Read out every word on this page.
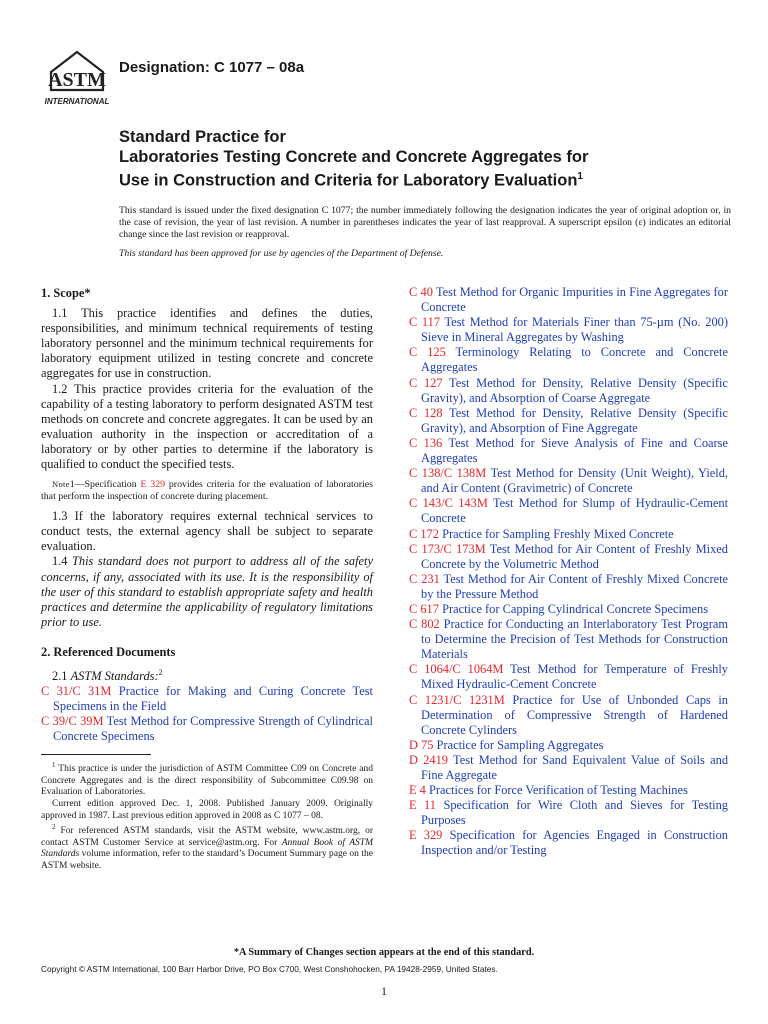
ASTM
INTERNATIONAL
Designation: C 1077 – 08a
Standard Practice for
Laboratories Testing Concrete and Concrete Aggregates for
Use in Construction and Criteria for Laboratory Evaluation$^1$
This standard is issued under the fixed designation C 1077; the number immediately following the designation indicates the year of original adoption or, in the case of revision, the year of last revision. A number in parentheses indicates the year of last reapproval. A superscript epsilon (ε) indicates an editorial change since the last revision or reapproval.
This standard has been approved for use by agencies of the Department of Defense.
1. Scope*

1.1 This practice identifies and defines the duties, responsibilities, and minimum technical requirements of testing laboratory personnel and the minimum technical requirements for laboratory equipment utilized in testing concrete and concrete aggregates for use in construction.

1.2 This practice provides criteria for the evaluation of the capability of a testing laboratory to perform designated ASTM test methods on concrete and concrete aggregates. It can be used by an evaluation authority in the inspection or accreditation of a laboratory or by other parties to determine if the laboratory is qualified to conduct the specified tests.

Note1—Specification E 329 provides criteria for the evaluation of laboratories that perform the inspection of concrete during placement.

1.3 If the laboratory requires external technical services to conduct tests, the external agency shall be subject to separate evaluation.

1.4 This standard does not purport to address all of the safety concerns, if any, associated with its use. It is the responsibility of the user of this standard to establish appropriate safety and health practices and determine the applicability of regulatory limitations prior to use.

2. Referenced Documents

2.1 ASTM Standards:$^2$

C 31/C 31M Practice for Making and Curing Concrete Test Specimens in the Field

C 39/C 39M Test Method for Compressive Strength of Cylindrical Concrete Specimens

C 40 Test Method for Organic Impurities in Fine Aggregates for Concrete

C 117 Test Method for Materials Finer than 75-µm (No. 200) Sieve in Mineral Aggregates by Washing

C 125 Terminology Relating to Concrete and Concrete Aggregates

C 127 Test Method for Density, Relative Density (Specific Gravity), and Absorption of Coarse Aggregate

C 128 Test Method for Density, Relative Density (Specific Gravity), and Absorption of Fine Aggregate

C 136 Test Method for Sieve Analysis of Fine and Coarse Aggregates

C 138/C 138M Test Method for Density (Unit Weight), Yield, and Air Content (Gravimetric) of Concrete

C 143/C 143M Test Method for Slump of Hydraulic-Cement Concrete

C 172 Practice for Sampling Freshly Mixed Concrete

C 173/C 173M Test Method for Air Content of Freshly Mixed Concrete by the Volumetric Method

C 231 Test Method for Air Content of Freshly Mixed Concrete by the Pressure Method

C 617 Practice for Capping Cylindrical Concrete Specimens

C 802 Practice for Conducting an Interlaboratory Test Program to Determine the Precision of Test Methods for Construction Materials

C 1064/C 1064M Test Method for Temperature of Freshly Mixed Hydraulic-Cement Concrete

C 1231/C 1231M Practice for Use of Unbonded Caps in Determination of Compressive Strength of Hardened Concrete Cylinders

D 75 Practice for Sampling Aggregates

D 2419 Test Method for Sand Equivalent Value of Soils and Fine Aggregate

E 4 Practices for Force Verification of Testing Machines

E 11 Specification for Wire Cloth and Sieves for Testing Purposes

E 329 Specification for Agencies Engaged in Construction Inspection and/or Testing

$^1$ This practice is under the jurisdiction of ASTM Committee C09 on Concrete and Concrete Aggregates and is the direct responsibility of Subcommittee C09.98 on Evaluation of Laboratories.

Current edition approved Dec. 1, 2008. Published January 2009. Originally approved in 1987. Last previous edition approved in 2008 as C 1077 – 08.

$^2$ For referenced ASTM standards, visit the ASTM website, www.astm.org, or contact ASTM Customer Service at service@astm.org. For Annual Book of ASTM Standards volume information, refer to the standard’s Document Summary page on the ASTM website.

*A Summary of Changes section appears at the end of this standard.
Copyright © ASTM International, 100 Barr Harbor Drive, PO Box C700, West Conshohocken, PA 19428-2959, United States.
1
